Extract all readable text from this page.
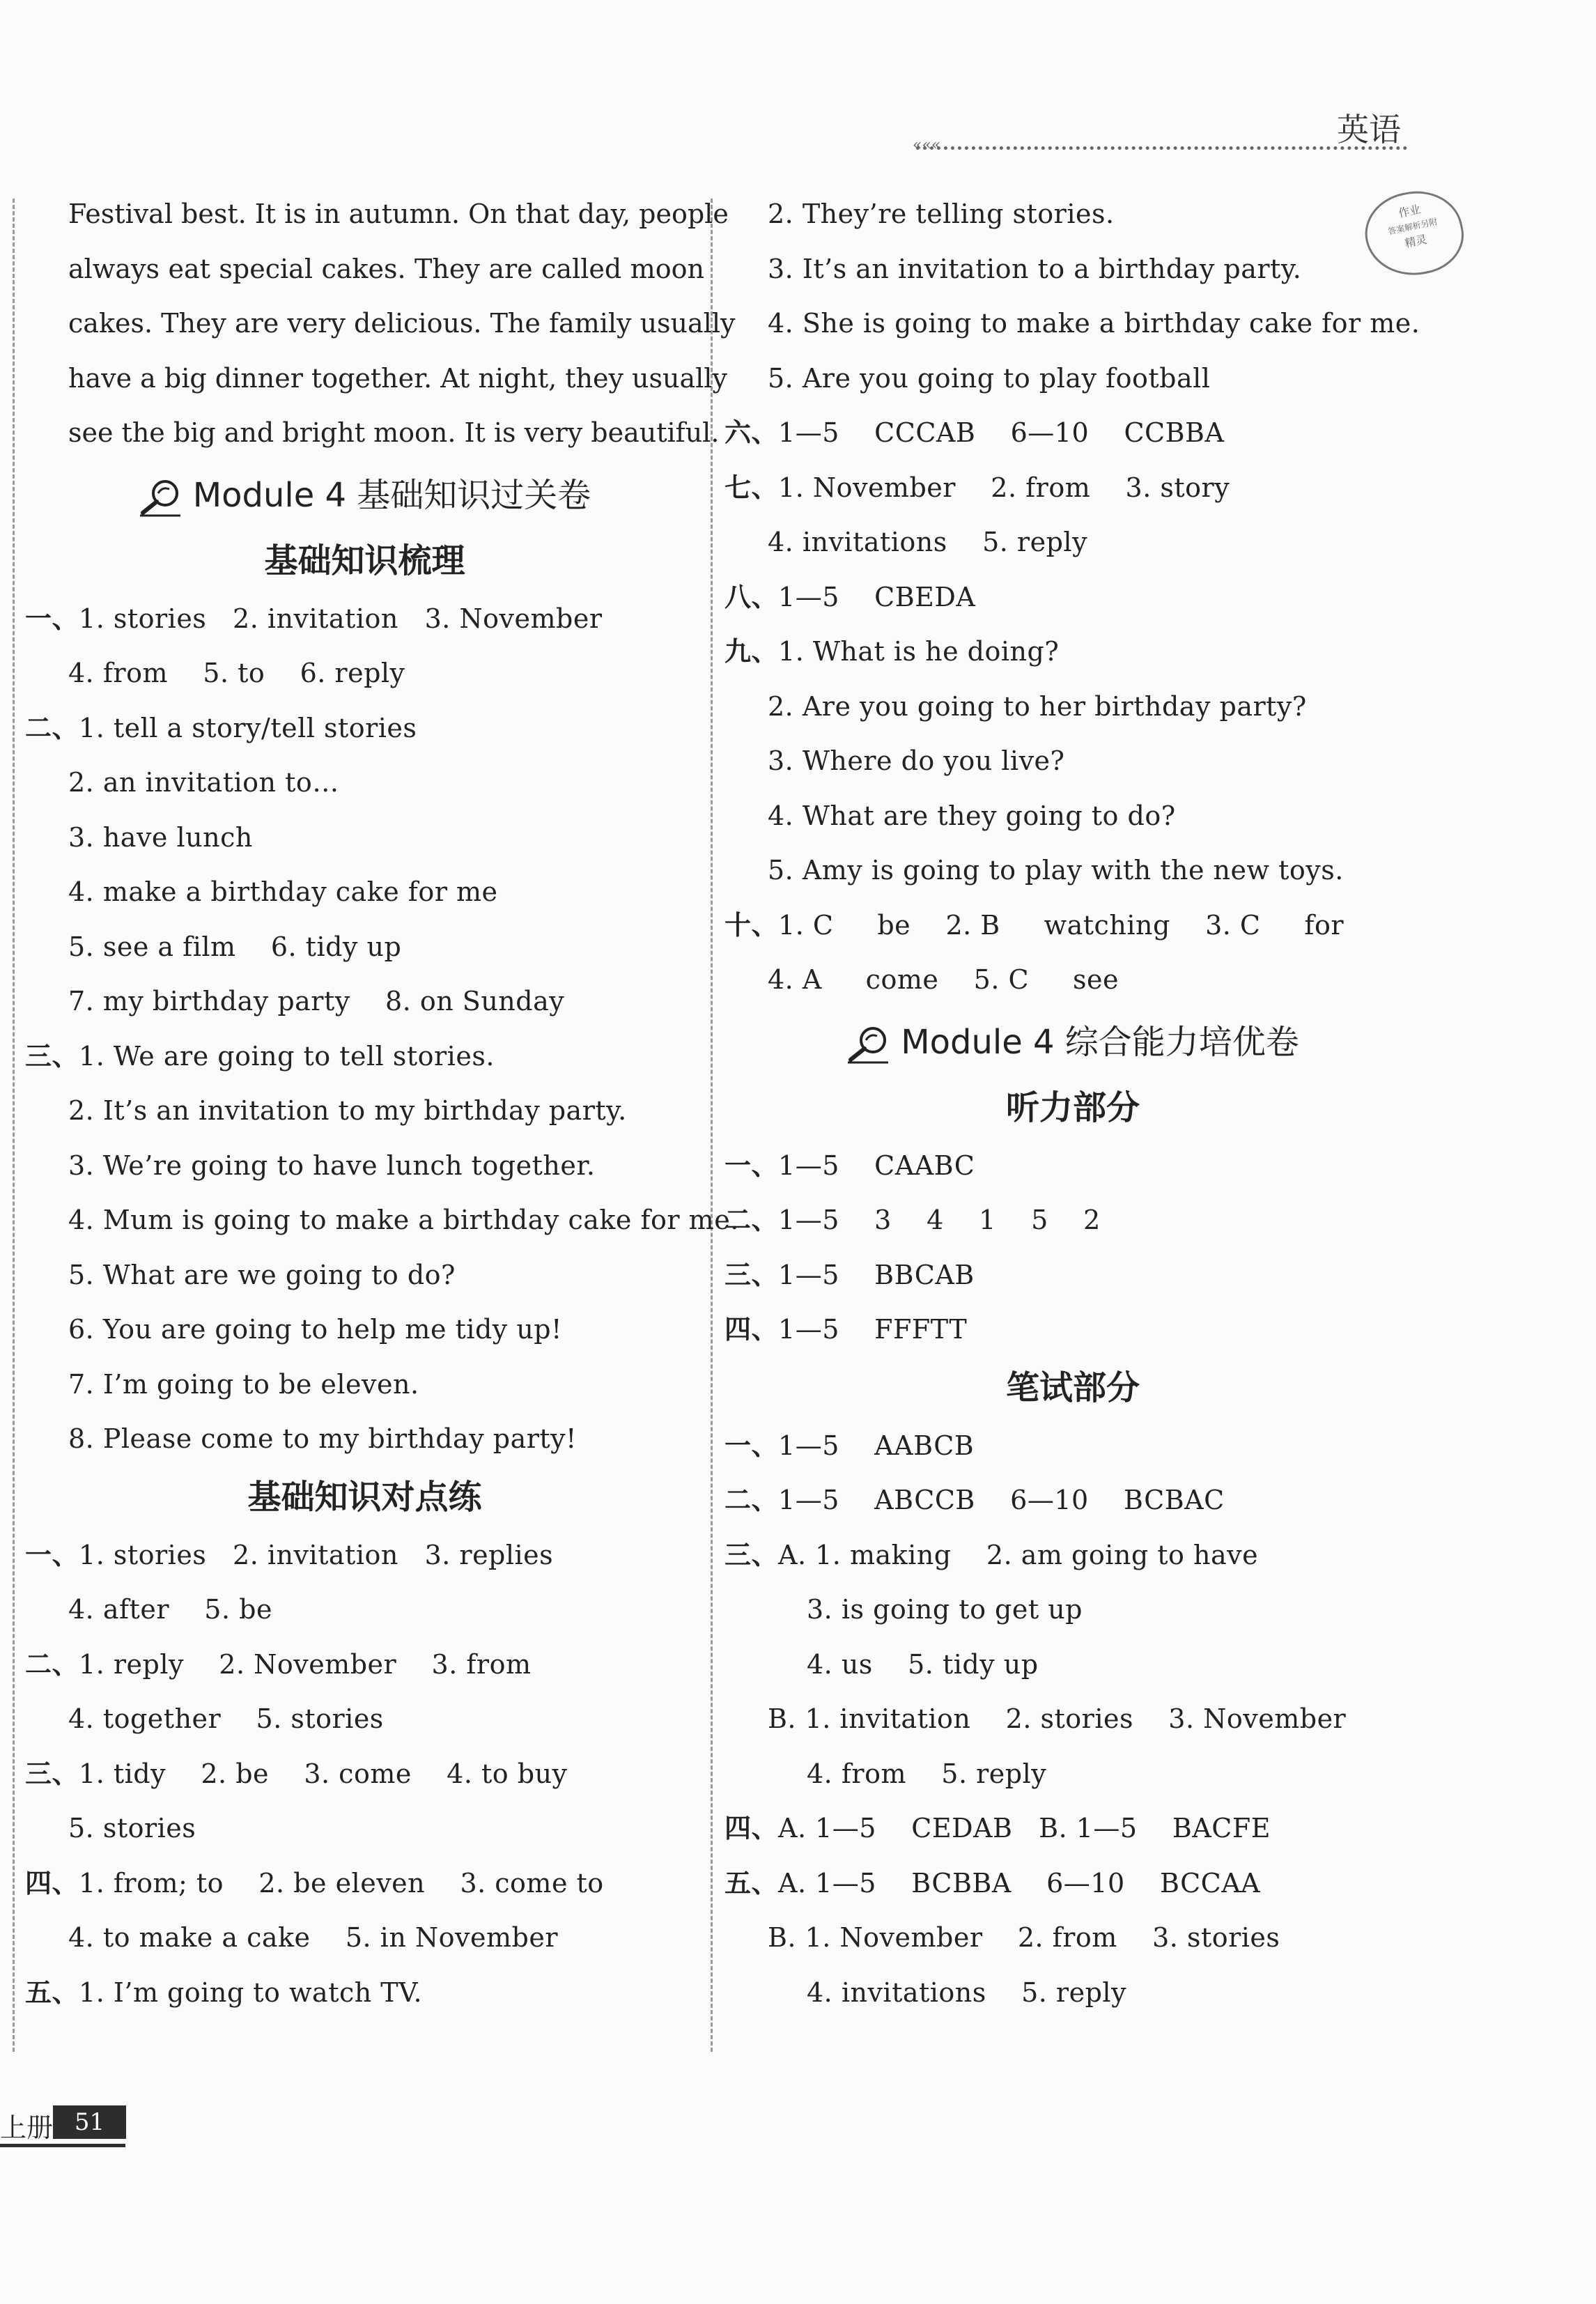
英语
«««
作业
答案解析另附
精灵
Festival best. It is in autumn. On that day, people
always eat special cakes. They are called moon
cakes. They are very delicious. The family usually
have a big dinner together. At night, they usually
see the big and bright moon. It is very beautiful.
Module 4 基础知识过关卷
基础知识梳理
一、1. stories   2. invitation   3. November
4. from    5. to    6. reply
二、1. tell a story/tell stories
2. an invitation to…
3. have lunch
4. make a birthday cake for me
5. see a film    6. tidy up
7. my birthday party    8. on Sunday
三、1. We are going to tell stories.
2. It’s an invitation to my birthday party.
3. We’re going to have lunch together.
4. Mum is going to make a birthday cake for me.
5. What are we going to do?
6. You are going to help me tidy up!
7. I’m going to be eleven.
8. Please come to my birthday party!
基础知识对点练
一、1. stories   2. invitation   3. replies
4. after    5. be
二、1. reply    2. November    3. from
4. together    5. stories
三、1. tidy    2. be    3. come    4. to buy
5. stories
四、1. from; to    2. be eleven    3. come to
4. to make a cake    5. in November
五、1. I’m going to watch TV.
2. They’re telling stories.
3. It’s an invitation to a birthday party.
4. She is going to make a birthday cake for me.
5. Are you going to play football
六、1—5    CCCAB    6—10    CCBBA
七、1. November    2. from    3. story
4. invitations    5. reply
八、1—5    CBEDA
九、1. What is he doing?
2. Are you going to her birthday party?
3. Where do you live?
4. What are they going to do?
5. Amy is going to play with the new toys.
十、1. C     be    2. B     watching    3. C     for
4. A     come    5. C     see
Module 4 综合能力培优卷
听力部分
一、1—5    CAABC
二、1—5    3    4    1    5    2
三、1—5    BBCAB
四、1—5    FFFTT
笔试部分
一、1—5    AABCB
二、1—5    ABCCB    6—10    BCBAC
三、A. 1. making    2. am going to have
3. is going to get up
4. us    5. tidy up
B. 1. invitation    2. stories    3. November
4. from    5. reply
四、A. 1—5    CEDAB   B. 1—5    BACFE
五、A. 1—5    BCBBA    6—10    BCCAA
B. 1. November    2. from    3. stories
4. invitations    5. reply
上册 51
